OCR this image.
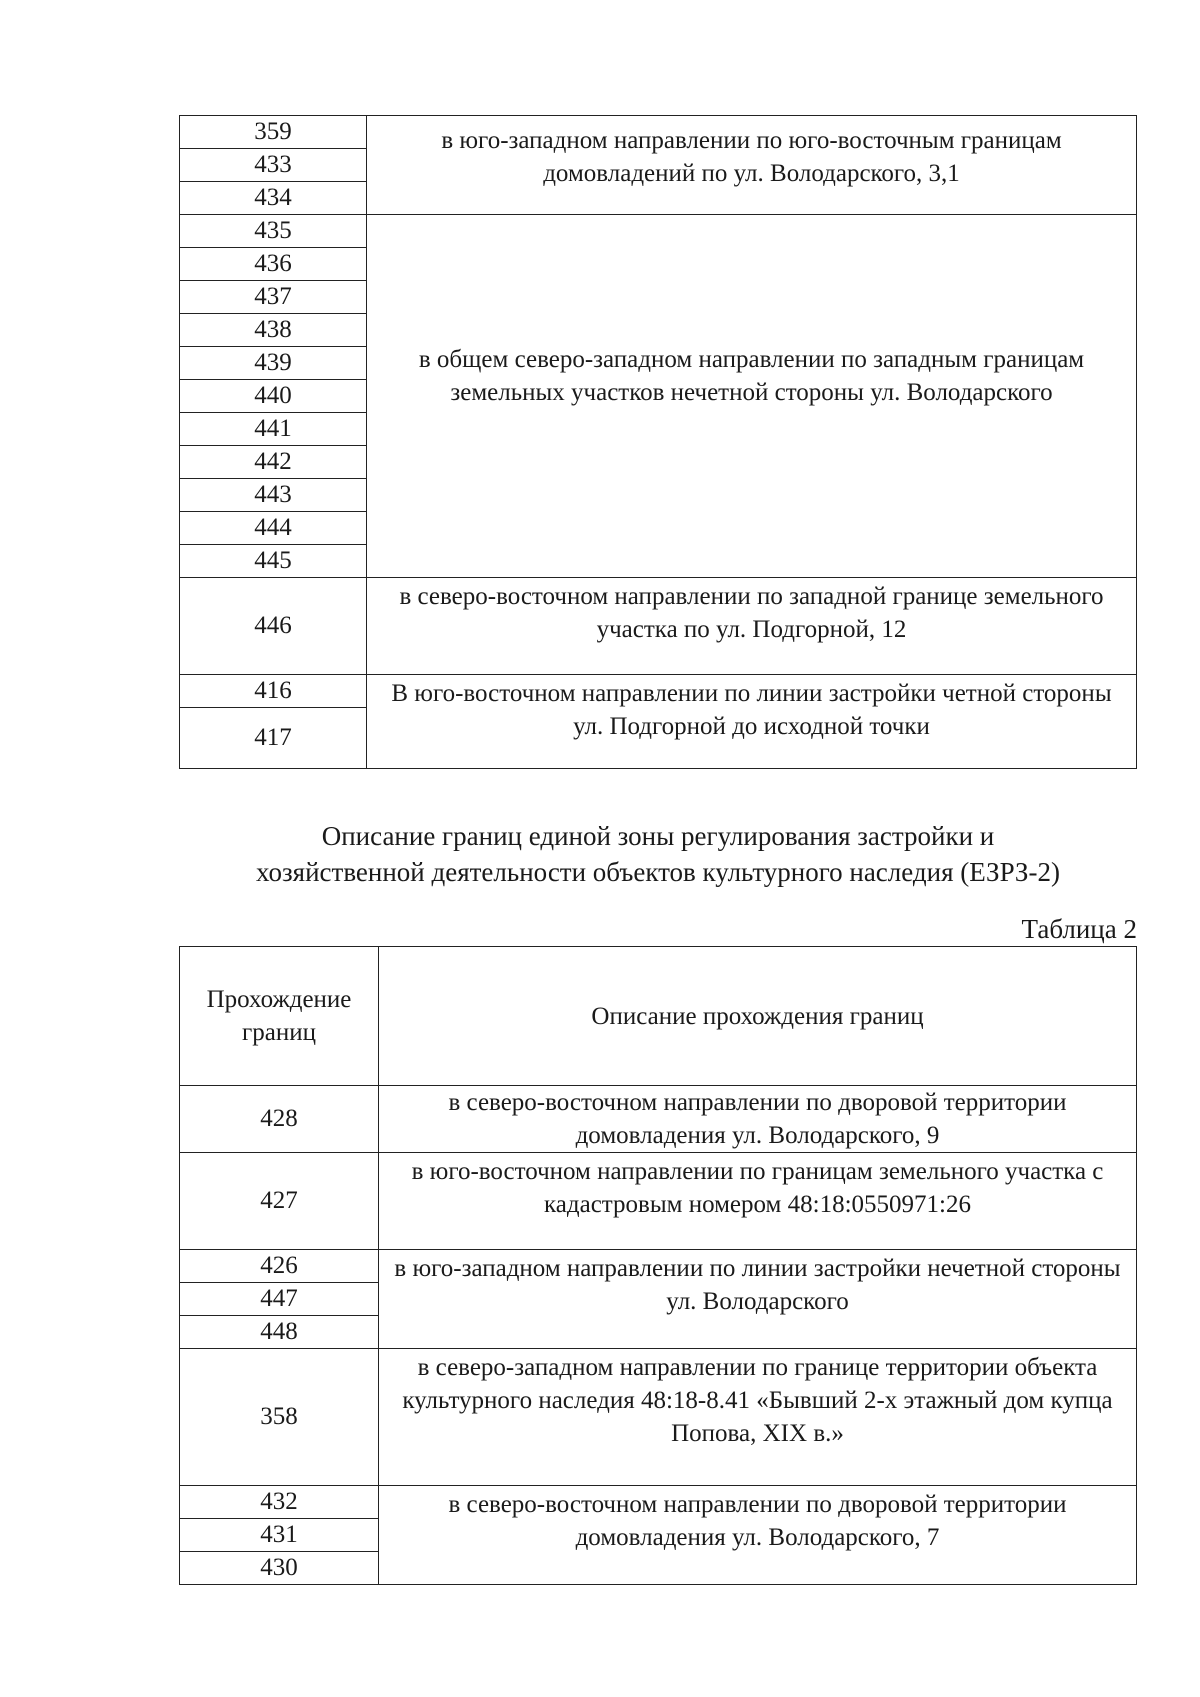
359	в юго-западном направлении по юго-восточным границам домовладений по ул. Володарского, 3,1
433	
434	
435	в общем северо-западном направлении по западным границам земельных участков нечетной стороны ул. Володарского
436	
437	
438	
439	
440	
441	
442	
443	
444	
445	
446	в северо-восточном направлении по западной границе земельного участка по ул. Подгорной, 12
416	В юго-восточном направлении по линии застройки четной стороны ул. Подгорной до исходной точки
417	
Описание границ единой зоны регулирования застройки и
хозяйственной деятельности объектов культурного наследия (ЕЗРЗ-2)
Таблица 2
Прохождение границ	Описание прохождения границ
428	в северо-восточном направлении по дворовой территории домовладения ул. Володарского, 9
427	в юго-восточном направлении по границам земельного участка с кадастровым номером 48:18:0550971:26
426	в юго-западном направлении по линии застройки нечетной стороны ул. Володарского
447	
448	
358	в северо-западном направлении по границе территории объекта культурного наследия 48:18-8.41 «Бывший 2-х этажный дом купца Попова, XIX в.»
432	в северо-восточном направлении по дворовой территории домовладения ул. Володарского, 7
431	
430	
